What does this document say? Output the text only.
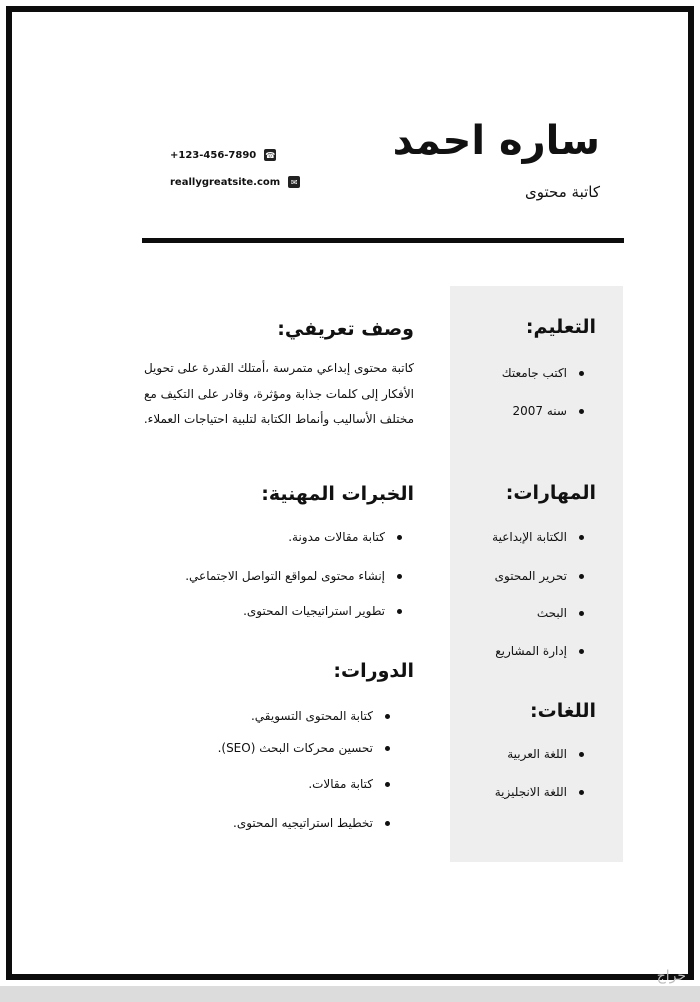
ساره احمد
كاتبة محتوى
+123-456-7890 ☎
reallygreatsite.com	✉
التعليم:
اكتب جامعتك
سنه 2007
المهارات:
الكتابة الإبداعية
تحرير المحتوى
البحث
إدارة المشاريع
اللغات:
اللغة العربية
اللغة الانجليزية
وصف تعريفي:
كاتبة محتوى إبداعي متمرسة ،أمتلك القدرة على تحويل الأفكار إلى كلمات جذابة ومؤثرة، وقادر على التكيف مع مختلف الأساليب وأنماط الكتابة لتلبية احتياجات العملاء.
الخبرات المهنية:
كتابة مقالات مدونة.
إنشاء محتوى لمواقع التواصل الاجتماعي.
تطوير استراتيجيات المحتوى.
الدورات:
كتابة المحتوى التسويقي.
تحسين محركات البحث (SEO).
كتابة مقالات.
تخطيط استراتيجيه المحتوى.
حراج
